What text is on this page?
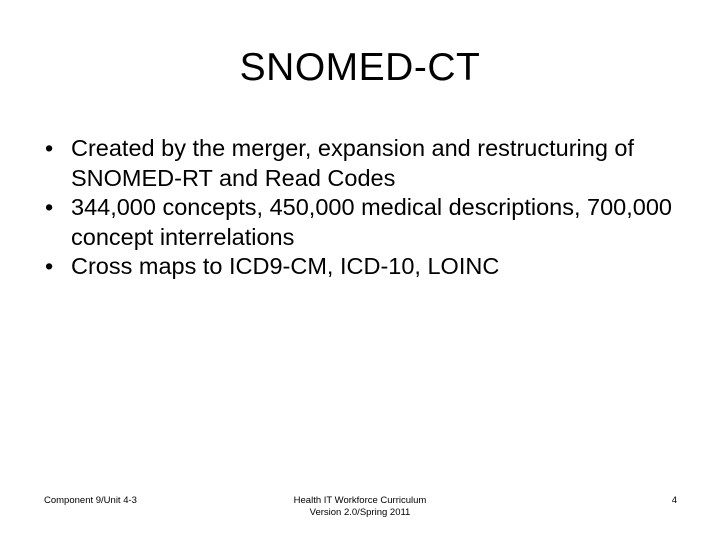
SNOMED-CT
• Created by the merger, expansion and restructuring of SNOMED-RT and Read Codes
• 344,000 concepts, 450,000 medical descriptions, 700,000 concept interrelations
• Cross maps to ICD9-CM, ICD-10, LOINC
Component 9/Unit 4-3	Health IT Workforce Curriculum
Version 2.0/Spring 2011
4
